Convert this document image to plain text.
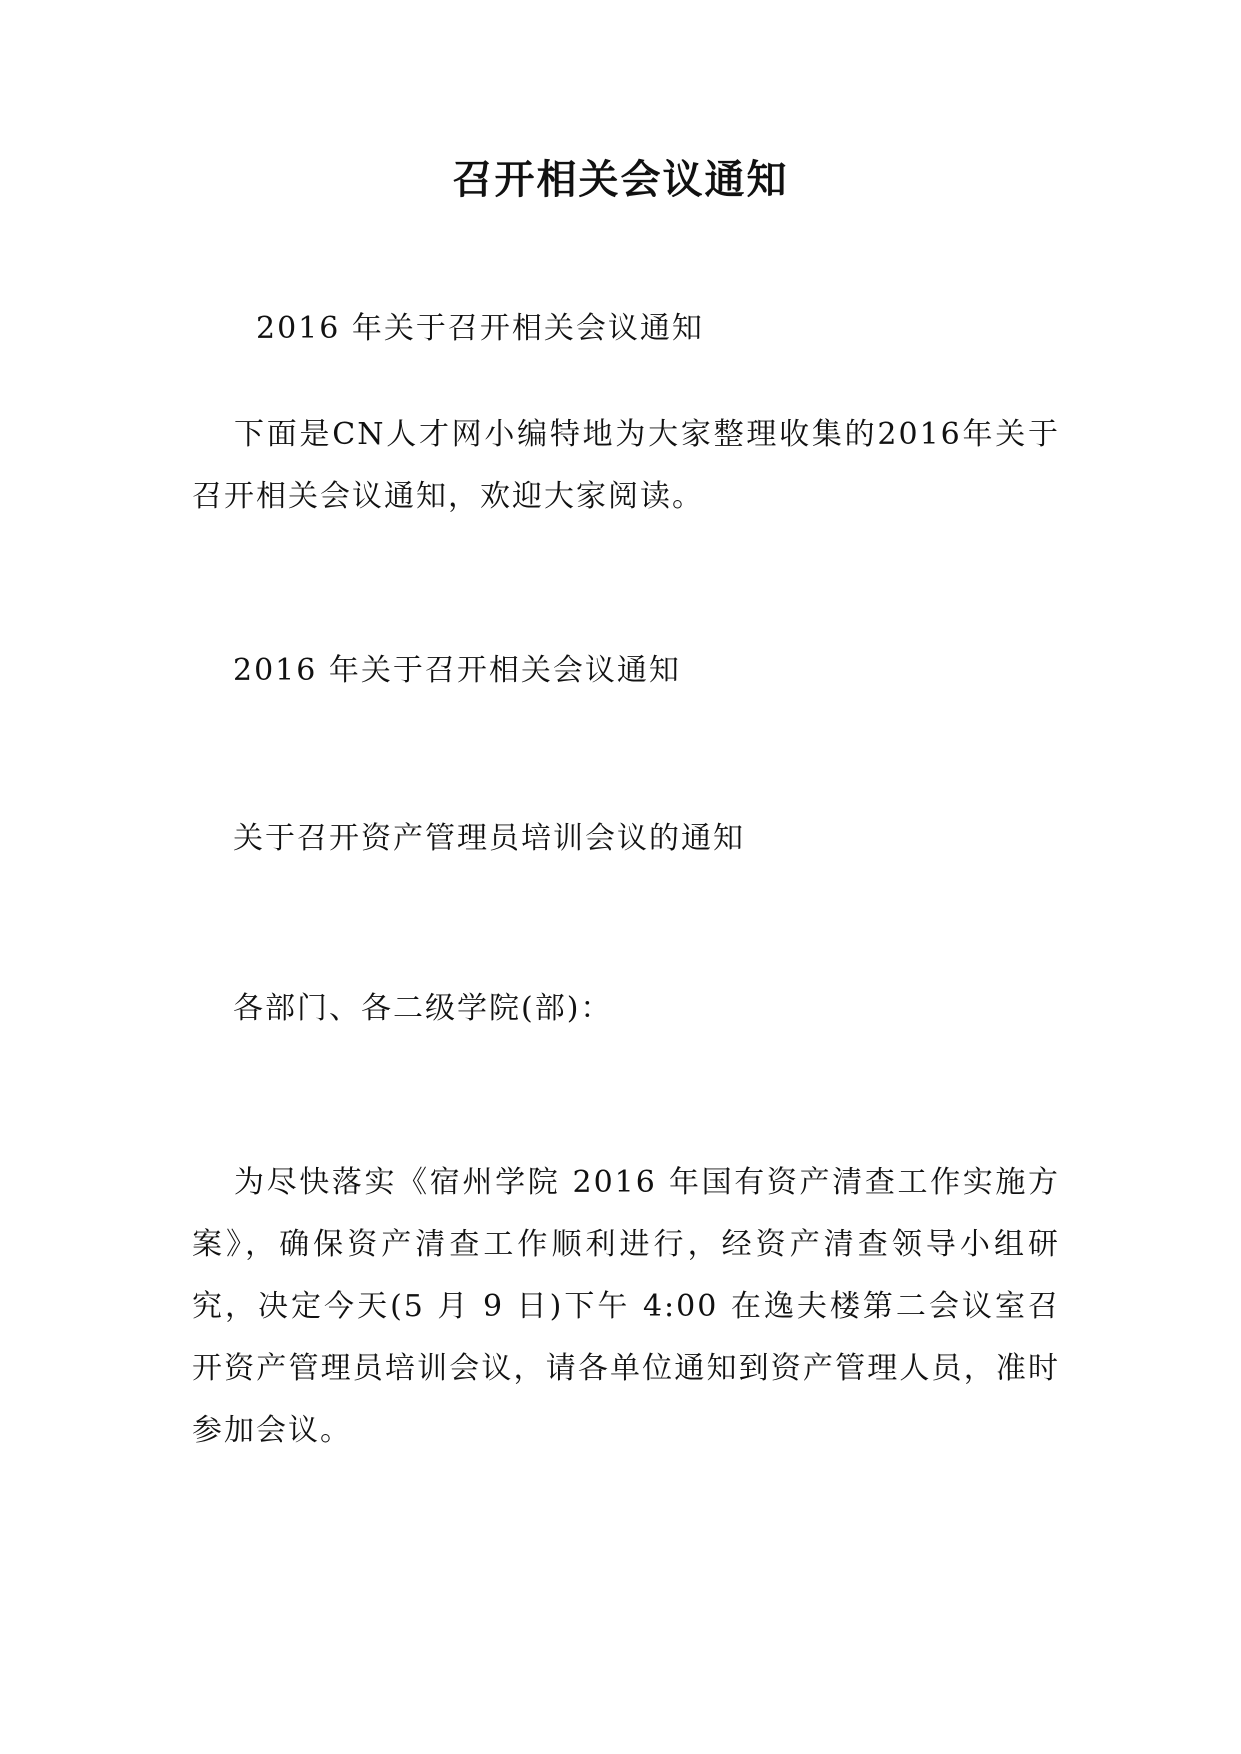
召开相关会议通知
2016 年关于召开相关会议通知
下面是CN人才网小编特地为大家整理收集的2016年关于召开相关会议通知，欢迎大家阅读。
2016 年关于召开相关会议通知
关于召开资产管理员培训会议的通知
各部门、各二级学院(部)：
为尽快落实《宿州学院 2016 年国有资产清查工作实施方案》，确保资产清查工作顺利进行，经资产清查领导小组研究，决定今天(5 月 9 日)下午 4:00 在逸夫楼第二会议室召开资产管理员培训会议，请各单位通知到资产管理人员，准时参加会议。
